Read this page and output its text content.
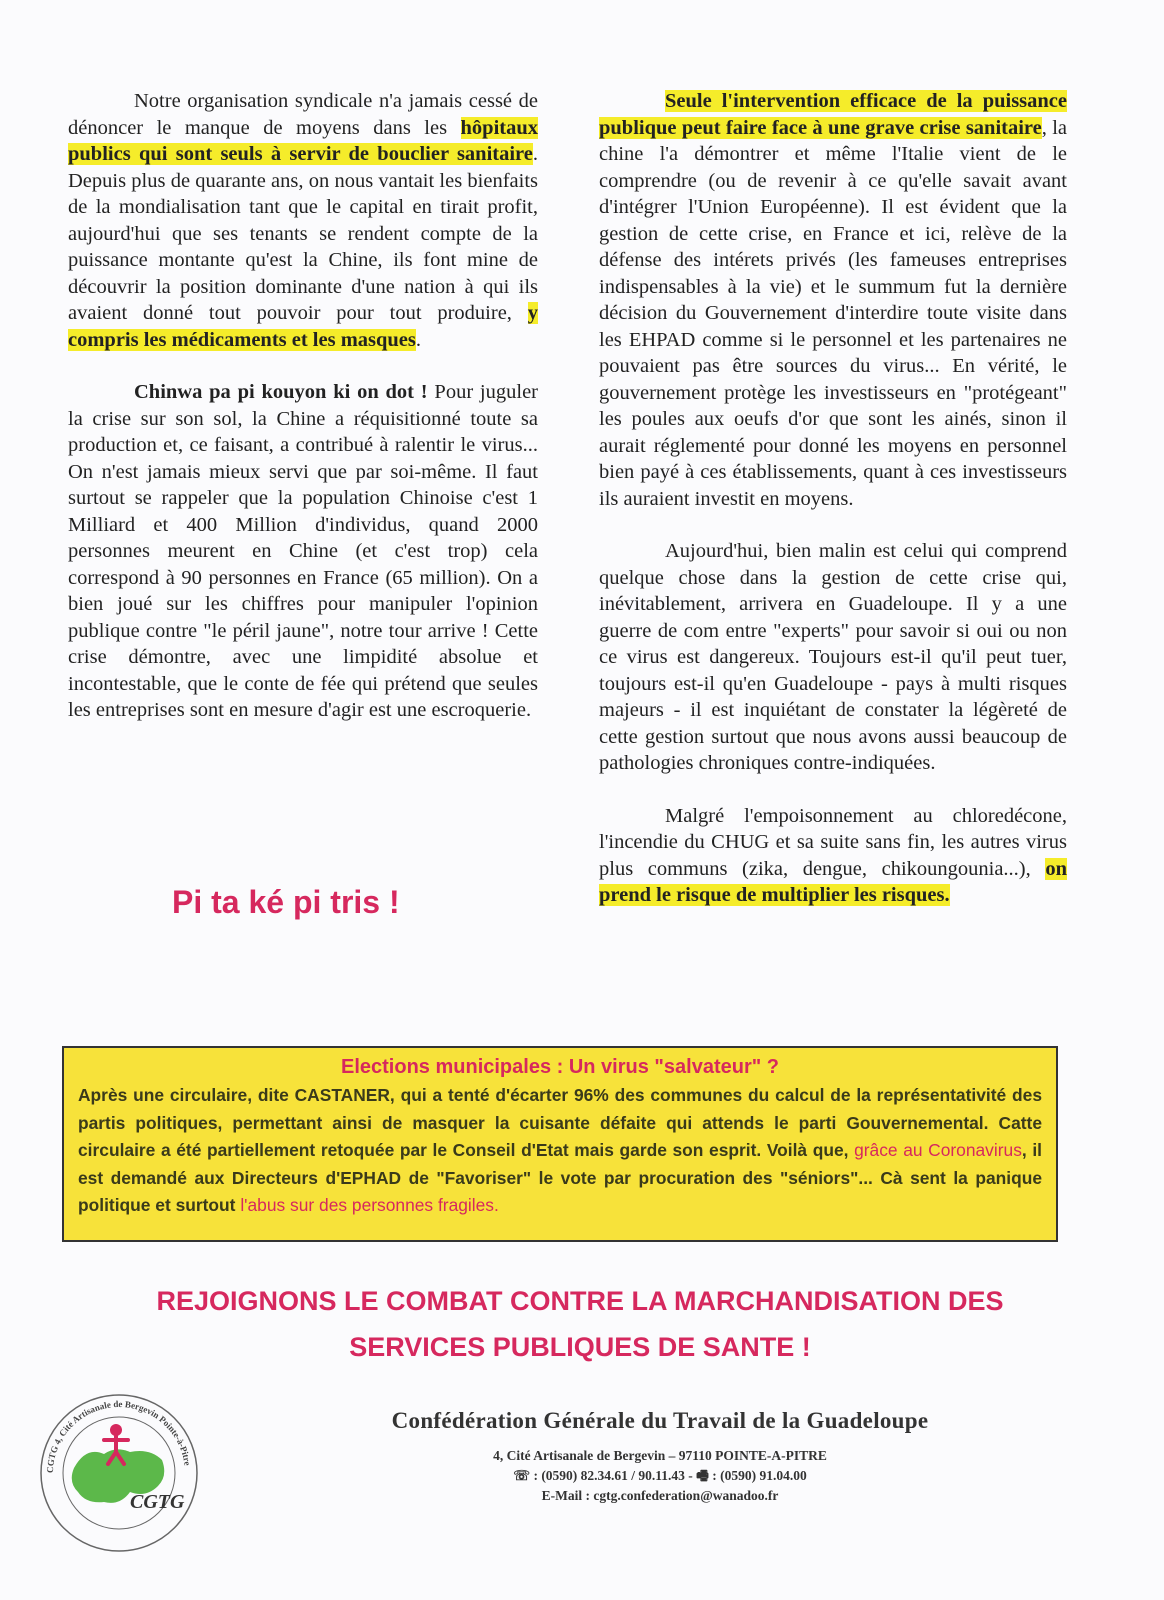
Notre organisation syndicale n'a jamais cessé de dénoncer le manque de moyens dans les hôpitaux publics qui sont seuls à servir de bouclier sanitaire. Depuis plus de quarante ans, on nous vantait les bienfaits de la mondialisation tant que le capital en tirait profit, aujourd'hui que ses tenants se rendent compte de la puissance montante qu'est la Chine, ils font mine de découvrir la position dominante d'une nation à qui ils avaient donné tout pouvoir pour tout produire, y compris les médicaments et les masques.

Chinwa pa pi kouyon ki on dot ! Pour juguler la crise sur son sol, la Chine a réquisitionné toute sa production et, ce faisant, a contribué à ralentir le virus... On n'est jamais mieux servi que par soi-même. Il faut surtout se rappeler que la population Chinoise c'est 1 Milliard et 400 Million d'individus, quand 2000 personnes meurent en Chine (et c'est trop) cela correspond à 90 personnes en France (65 million). On a bien joué sur les chiffres pour manipuler l'opinion publique contre "le péril jaune", notre tour arrive ! Cette crise démontre, avec une limpidité absolue et incontestable, que le conte de fée qui prétend que seules les entreprises sont en mesure d'agir est une escroquerie.

Seule l'intervention efficace de la puissance publique peut faire face à une grave crise sanitaire, la chine l'a démontrer et même l'Italie vient de le comprendre (ou de revenir à ce qu'elle savait avant d'intégrer l'Union Européenne). Il est évident que la gestion de cette crise, en France et ici, relève de la défense des intérets privés (les fameuses entreprises indispensables à la vie) et le summum fut la dernière décision du Gouvernement d'interdire toute visite dans les EHPAD comme si le personnel et les partenaires ne pouvaient pas être sources du virus... En vérité, le gouvernement protège les investisseurs en "protégeant" les poules aux oeufs d'or que sont les ainés, sinon il aurait réglementé pour donné les moyens en personnel bien payé à ces établissements, quant à ces investisseurs ils auraient investit en moyens.

Aujourd'hui, bien malin est celui qui comprend quelque chose dans la gestion de cette crise qui, inévitablement, arrivera en Guadeloupe. Il y a une guerre de com entre "experts" pour savoir si oui ou non ce virus est dangereux. Toujours est-il qu'il peut tuer, toujours est-il qu'en Guadeloupe - pays à multi risques majeurs - il est inquiétant de constater la légèreté de cette gestion surtout que nous avons aussi beaucoup de pathologies chroniques contre-indiquées.

Malgré l'empoisonnement au chloredécone, l'incendie du CHUG et sa suite sans fin, les autres virus plus communs (zika, dengue, chikoungounia...), on prend le risque de multiplier les risques.

Pi ta ké pi tris !
Elections municipales : Un virus "salvateur" ?
Après une circulaire, dite CASTANER, qui a tenté d'écarter 96% des communes du calcul de la représentativité des partis politiques, permettant ainsi de masquer la cuisante défaite qui attends le parti Gouvernemental. Catte circulaire a été partiellement retoquée par le Conseil d'Etat mais garde son esprit. Voilà que, grâce au Coronavirus, il est demandé aux Directeurs d'EPHAD de "Favoriser" le vote par procuration des "séniors"... Cà sent la panique politique et surtout l'abus sur des personnes fragiles.
REJOIGNONS LE COMBAT CONTRE LA MARCHANDISATION DES
SERVICES PUBLIQUES DE SANTE !
CGTG 4, Cité Artisanale de Bergevin Pointe-à-Pitre
CGTG
Confédération Générale du Travail de la Guadeloupe
4, Cité Artisanale de Bergevin – 97110 POINTE-A-PITRE
☏ : (0590) 82.34.61 / 90.11.43 - 🖷 : (0590) 91.04.00
E-Mail : cgtg.confederation@wanadoo.fr
